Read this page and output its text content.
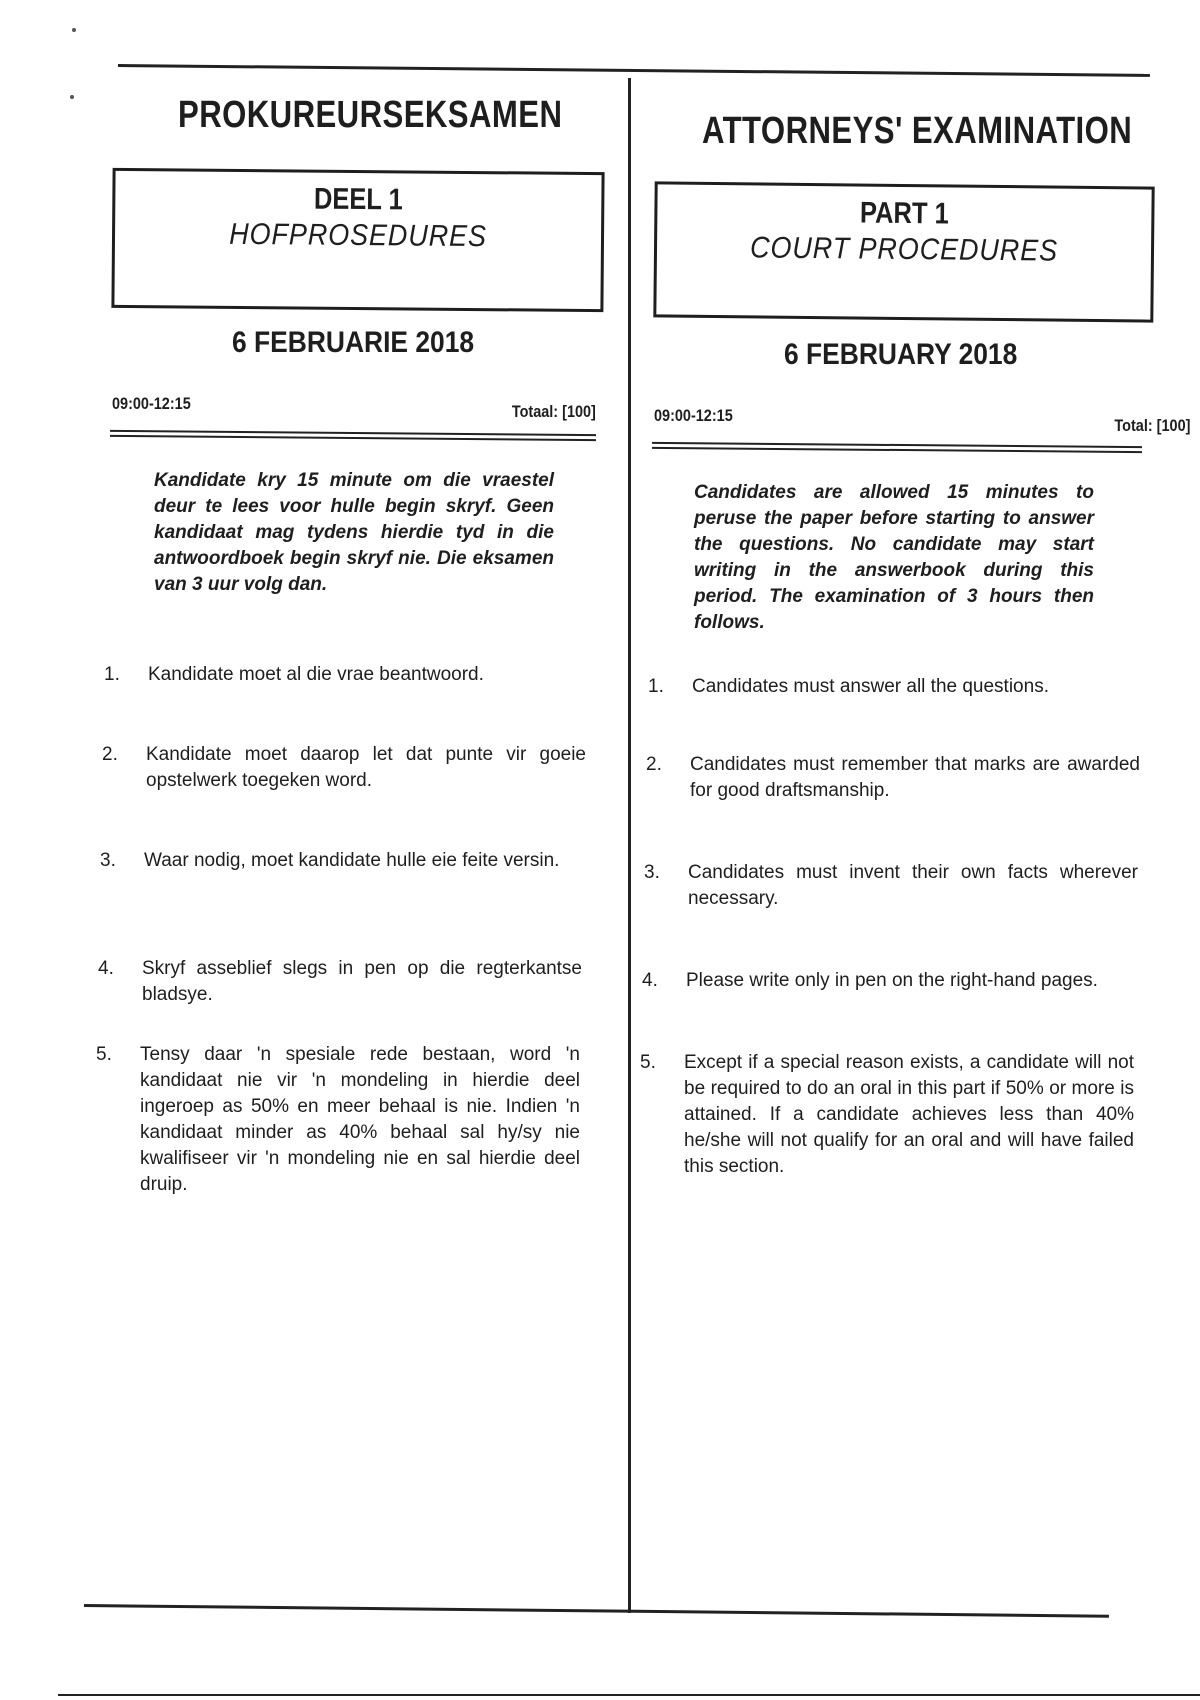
PROKUREURSEKSAMEN
DEEL 1
HOFPROSEDURES
6 FEBRUARIE 2018
09:00-12:15	Totaal: [100]
Kandidate kry 15 minute om die vraestel deur te lees voor hulle begin skryf. Geen kandidaat mag tydens hierdie tyd in die antwoordboek begin skryf nie. Die eksamen van 3 uur volg dan.
1. Kandidate moet al die vrae beantwoord.
2. Kandidate moet daarop let dat punte vir goeie opstelwerk toegeken word.
3. Waar nodig, moet kandidate hulle eie feite versin.
4. Skryf asseblief slegs in pen op die regterkantse bladsye.
5. Tensy daar 'n spesiale rede bestaan, word 'n kandidaat nie vir 'n mondeling in hierdie deel ingeroep as 50% en meer behaal is nie. Indien 'n kandidaat minder as 40% behaal sal hy/sy nie kwalifiseer vir 'n mondeling nie en sal hierdie deel druip.
ATTORNEYS' EXAMINATION
PART 1
COURT PROCEDURES
6 FEBRUARY 2018
09:00-12:15
Total: [100]
Candidates are allowed 15 minutes to peruse the paper before starting to answer the questions. No candidate may start writing in the answerbook during this period. The examination of 3 hours then follows.
1. Candidates must answer all the questions.
2. Candidates must remember that marks are awarded for good draftsmanship.
3. Candidates must invent their own facts wherever necessary.
4. Please write only in pen on the right-hand pages.
5. Except if a special reason exists, a candidate will not be required to do an oral in this part if 50% or more is attained. If a candidate achieves less than 40% he/she will not qualify for an oral and will have failed this section.
